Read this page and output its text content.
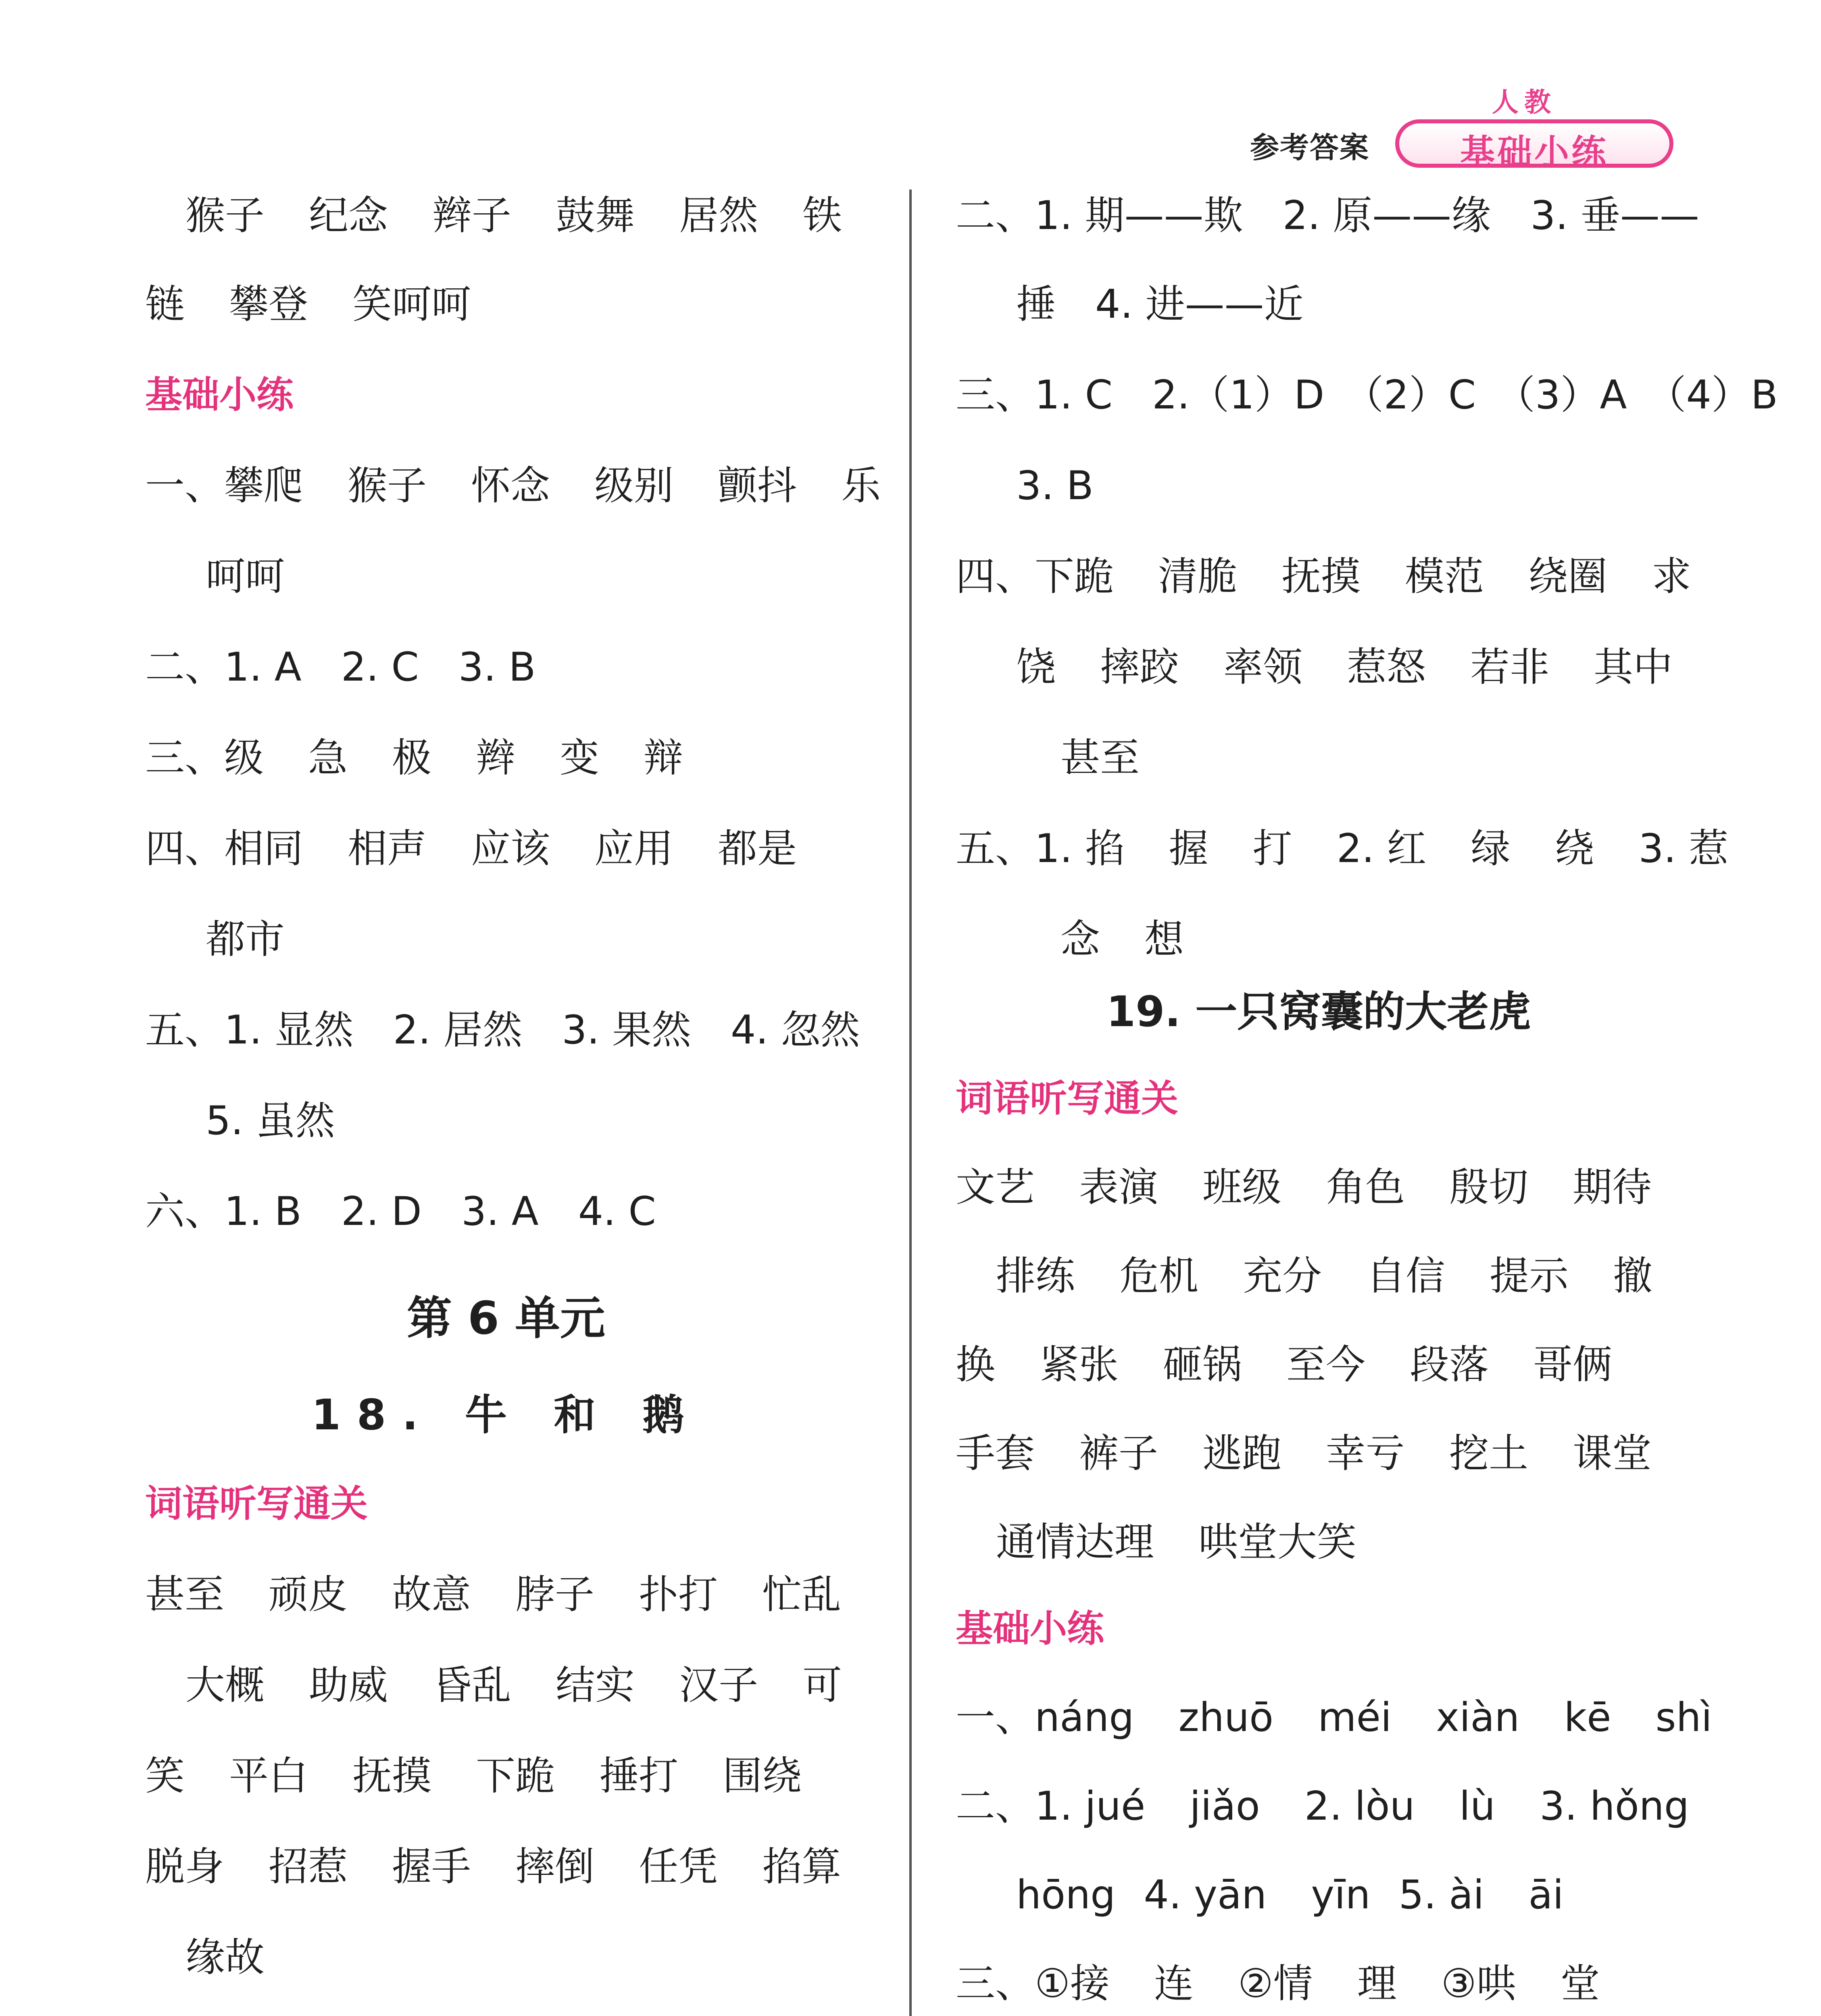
参考答案
人教
基础小练
猴子 纪念 辫子 鼓舞 居然 铁
链 攀登 笑呵呵
基础小练
一、攀爬 猴子 怀念 级别 颤抖 乐
呵呵
二、1. A　2. C　3. B
三、级 急 极 辫 变 辩
四、相同 相声 应该 应用 都是
都市
五、1. 显然　2. 居然　3. 果然　4. 忽然
5. 虽然
六、1. B　2. D　3. A　4. C
第 6 单元
18. 牛 和 鹅
词语听写通关
甚至 顽皮 故意 脖子 扑打 忙乱
大概 助威 昏乱 结实 汉子 可
笑 平白 抚摸 下跪 捶打 围绕
脱身 招惹 握手 摔倒 任凭 掐算
缘故
二、1. 期——欺　2. 原——缘　3. 垂——
捶　4. 进——近
三、1. C　2.（1）D　（2）C　（3）A　（4）B
3. B
四、下跪 清脆 抚摸 模范 绕圈 求
饶 摔跤 率领 惹怒 若非 其中
甚至
五、1. 掐 握 打 2. 红 绿 绕 3. 惹
念 想
19. 一只窝囊的大老虎
词语听写通关
文艺 表演 班级 角色 殷切 期待
排练 危机 充分 自信 提示 撤
换 紧张 砸锅 至今 段落 哥俩
手套 裤子 逃跑 幸亏 挖土 课堂
通情达理 哄堂大笑
基础小练
一、náng zhuō méi xiàn kē shì
二、1. jué jiǎo 2. lòu lù 3. hǒng
hōng 4. yān yīn 5. ài āi
三、①接 连 ②情 理 ③哄 堂
